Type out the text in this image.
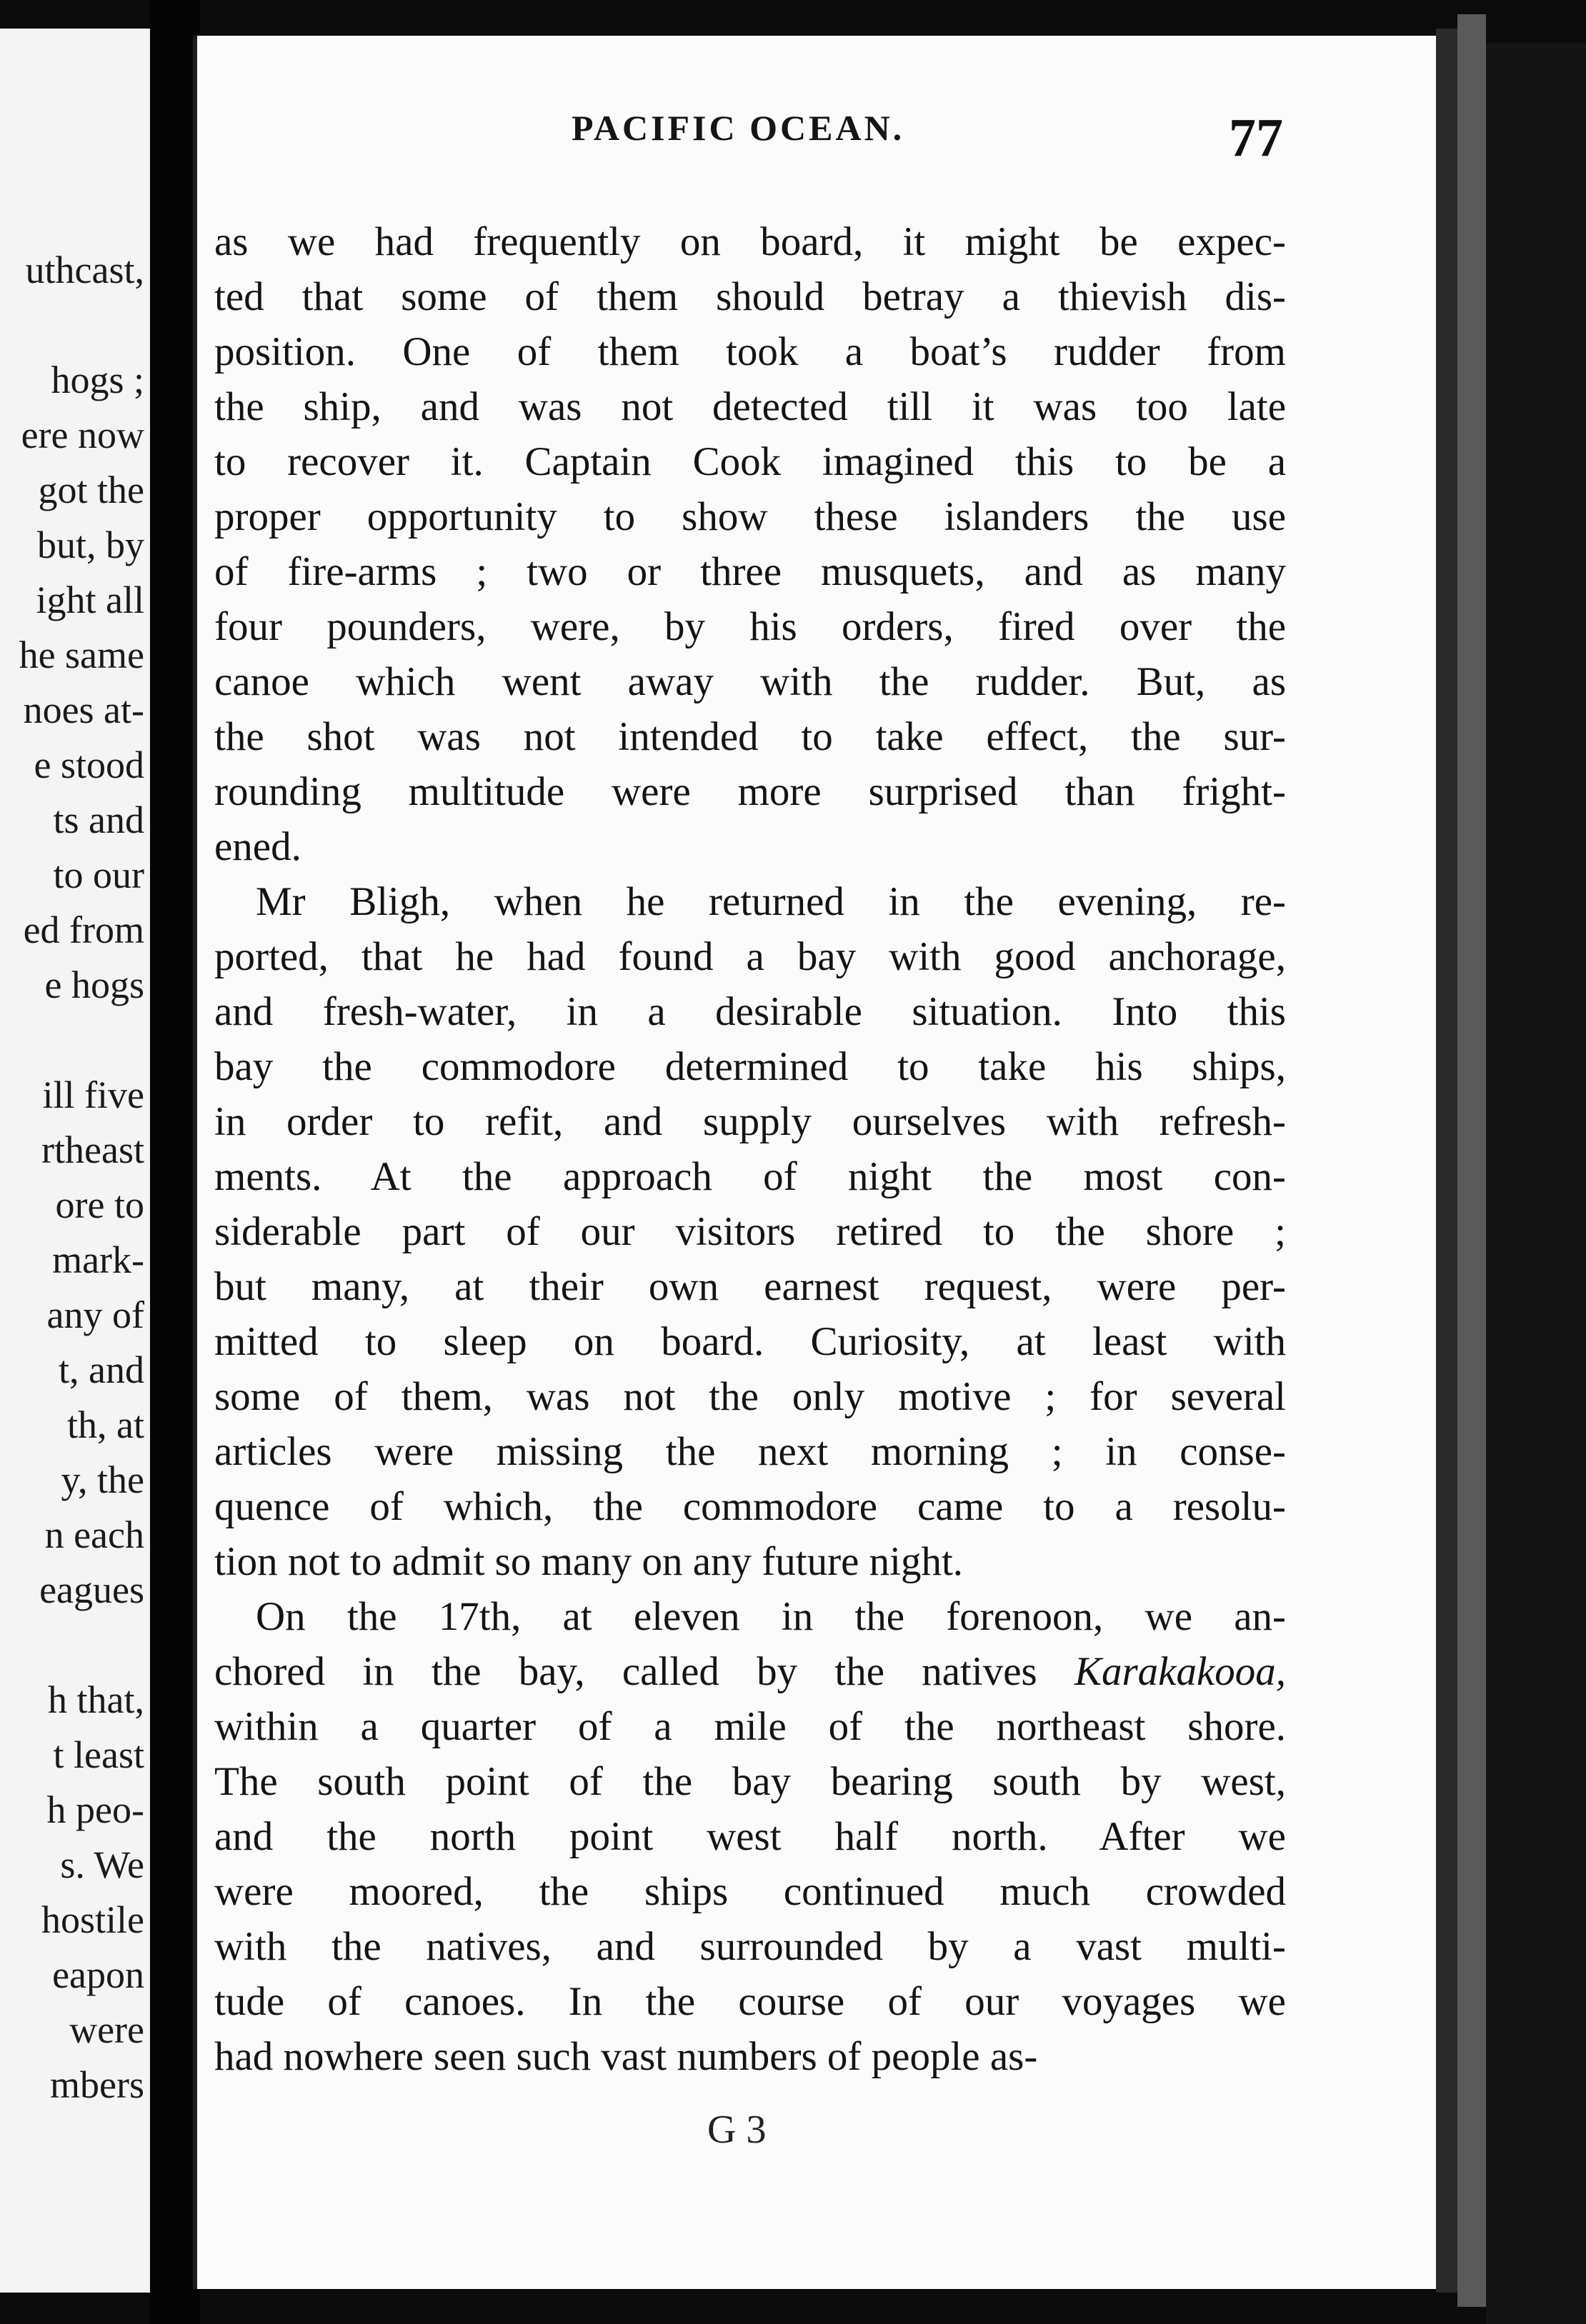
uthcast,

hogs ;
ere now
got the
but, by
ight all
he same
noes at-
e stood
ts and
to our
ed from
e hogs

ill five
rtheast
ore to
mark-
any of
t, and
th, at
y, the
n each
eagues

h that,
t least
h peo-
s. We
hostile
eapon
were
mbers
PACIFIC OCEAN.	77
as we had frequently on board, it might be expec-
ted that some of them should betray a thievish dis-
position. One of them took a boat’s rudder from
the ship, and was not detected till it was too late
to recover it. Captain Cook imagined this to be a
proper opportunity to show these islanders the use
of fire-arms ; two or three musquets, and as many
four pounders, were, by his orders, fired over the
canoe which went away with the rudder. But, as
the shot was not intended to take effect, the sur-
rounding multitude were more surprised than fright-
ened.
Mr Bligh, when he returned in the evening, re-
ported, that he had found a bay with good anchorage,
and fresh-water, in a desirable situation. Into this
bay the commodore determined to take his ships,
in order to refit, and supply ourselves with refresh-
ments. At the approach of night the most con-
siderable part of our visitors retired to the shore ;
but many, at their own earnest request, were per-
mitted to sleep on board. Curiosity, at least with
some of them, was not the only motive ; for several
articles were missing the next morning ; in conse-
quence of which, the commodore came to a resolu-
tion not to admit so many on any future night.
On the 17th, at eleven in the forenoon, we an-
chored in the bay, called by the natives Karakakooa,
within a quarter of a mile of the northeast shore.
The south point of the bay bearing south by west,
and the north point west half north. After we
were moored, the ships continued much crowded
with the natives, and surrounded by a vast multi-
tude of canoes. In the course of our voyages we
had nowhere seen such vast numbers of people as-
G 3
